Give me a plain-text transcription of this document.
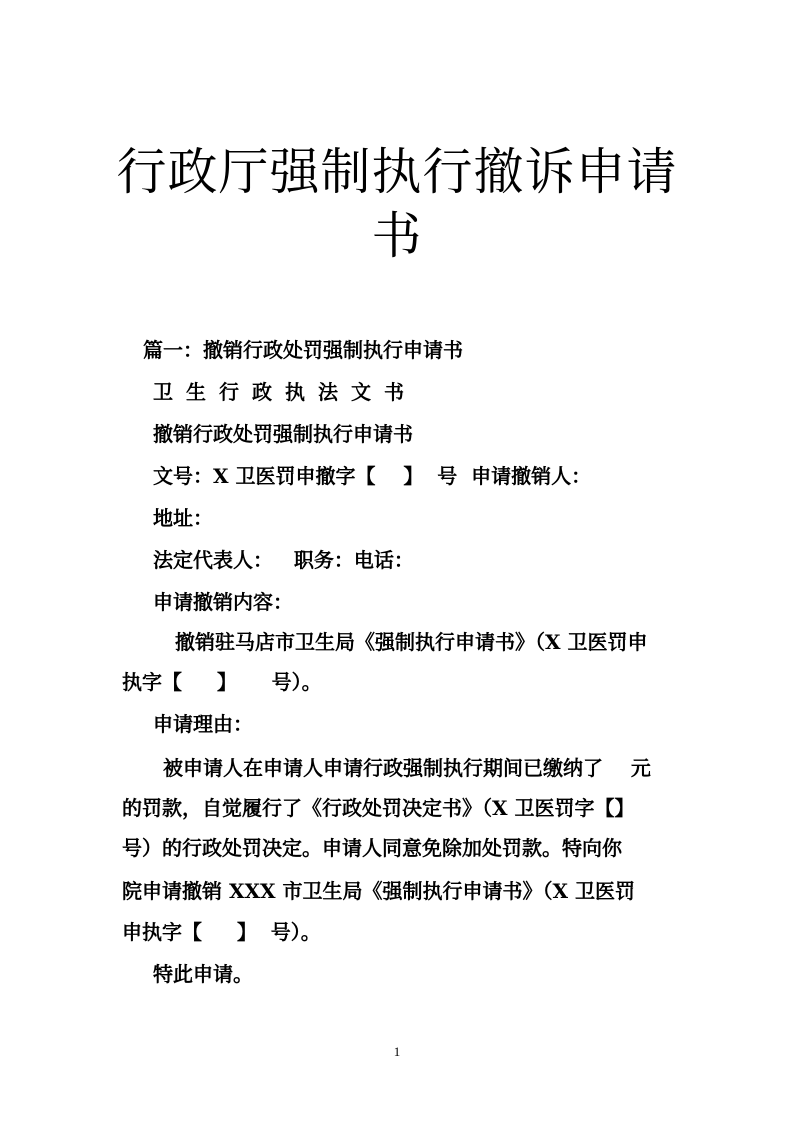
行政厅强制执行撤诉申请
书
篇一：撤销行政处罚强制执行申请书
卫生行政执法文书
撤销行政处罚强制执行申请书
文号：X 卫医罚申撤字【    】  号  申请撤销人：
地址：
法定代表人：   职务：电话：
申请撤销内容：
撤销驻马店市卫生局《强制执行申请书》（X 卫医罚申
执字【     】     号）。
申请理由：
被申请人在申请人申请行政强制执行期间已缴纳了    元
的罚款，自觉履行了《行政处罚决定书》（X 卫医罚字【】
号）的行政处罚决定。申请人同意免除加处罚款。特向你
院申请撤销 XXX 市卫生局《强制执行申请书》（X 卫医罚
申执字【     】  号）。
特此申请。
1
